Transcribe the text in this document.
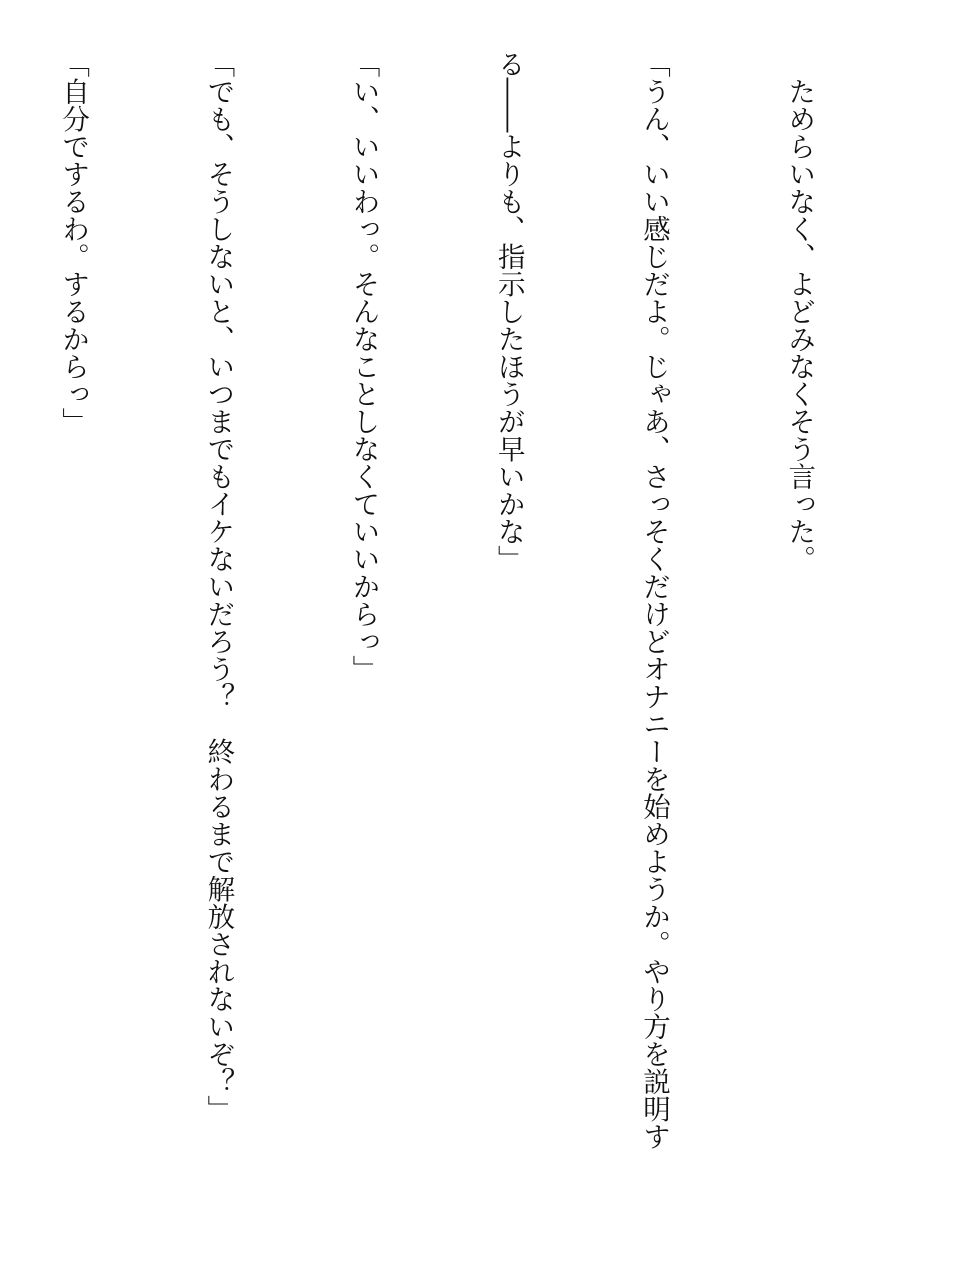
　ためらいなく、よどみなくそう言った。

「うん、いい感じだよ。じゃあ、さっそくだけどオナニーを始めようか。やり方を説明す

る――よりも、指示したほうが早いかな」

「い、いいわっ。そんなことしなくていいからっ」

「でも、そうしないと、いつまでもイケないだろう？　終わるまで解放されないぞ？」

「自分でするわ。するからっ」
